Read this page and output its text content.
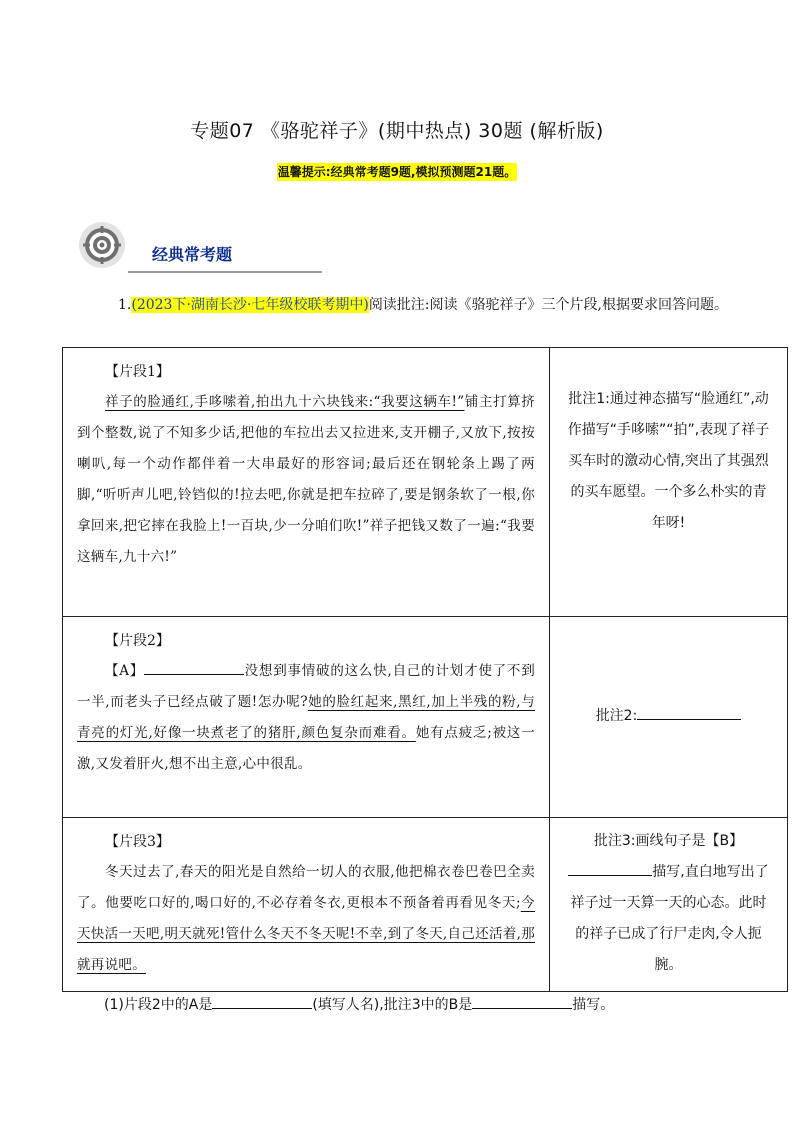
专题07 《骆驼祥子》(期中热点) 30题 (解析版)
温馨提示:经典常考题9题,模拟预测题21题。
经典常考题
1.(2023下·湖南长沙·七年级校联考期中)阅读批注:阅读《骆驼祥子》三个片段,根据要求回答问题。
【片段1】
祥子的脸通红,手哆嗦着,拍出九十六块钱来:“我要这辆车!”铺主打算挤到个整数,说了不知多少话,把他的车拉出去又拉进来,支开棚子,又放下,按按喇叭,每一个动作都伴着一大串最好的形容词;最后还在钢轮条上踢了两脚,“听听声儿吧,铃铛似的!拉去吧,你就是把车拉碎了,要是钢条软了一根,你拿回来,把它摔在我脸上!一百块,少一分咱们吹!”祥子把钱又数了一遍:“我要这辆车,九十六!”	批注1:通过神态描写“脸通红”,动作描写“手哆嗦”“拍”,表现了祥子买车时的激动心情,突出了其强烈的买车愿望。一个多么朴实的青年呀!

【片段2】
【A】 没想到事情破的这么快,自己的计划才使了不到一半,而老头子已经点破了题!怎办呢?她的脸红起来,黑红,加上半残的粉,与青亮的灯光,好像一块煮老了的猪肝,颜色复杂而难看。她有点疲乏;被这一激,又发着肝火,想不出主意,心中很乱。	批注2:

【片段3】
冬天过去了,春天的阳光是自然给一切人的衣服,他把棉衣卷巴卷巴全卖了。他要吃口好的,喝口好的,不必存着冬衣,更根本不预备着再看见冬天;今天快活一天吧,明天就死!管什么冬天不冬天呢!不幸,到了冬天,自己还活着,那就再说吧。	批注3:画线句子是【B】描写,直白地写出了祥子过一天算一天的心态。此时的祥子已成了行尸走肉,令人扼腕。
(1)片段2中的A是	(填写人名),批注3中的B是	描写。
